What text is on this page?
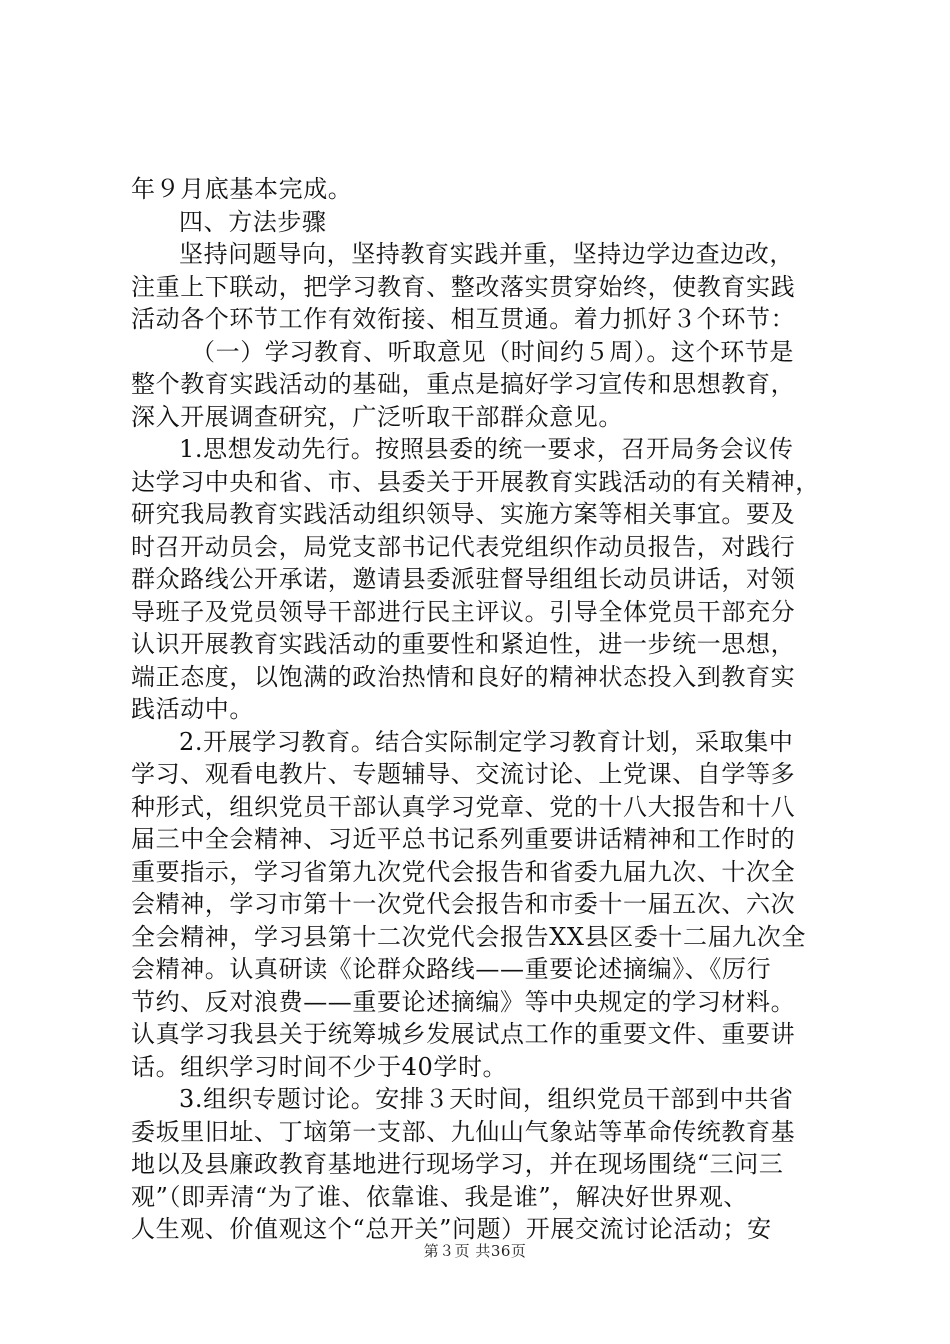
年９月底基本完成。
四、方法步骤
坚持问题导向，坚持教育实践并重，坚持边学边查边改，
注重上下联动，把学习教育、整改落实贯穿始终，使教育实践
活动各个环节工作有效衔接、相互贯通。着力抓好３个环节：
（一）学习教育、听取意见（时间约５周）。这个环节是
整个教育实践活动的基础，重点是搞好学习宣传和思想教育，
深入开展调查研究，广泛听取干部群众意见。
1.思想发动先行。按照县委的统一要求，召开局务会议传
达学习中央和省、市、县委关于开展教育实践活动的有关精神，
研究我局教育实践活动组织领导、实施方案等相关事宜。要及
时召开动员会，局党支部书记代表党组织作动员报告，对践行
群众路线公开承诺，邀请县委派驻督导组组长动员讲话，对领
导班子及党员领导干部进行民主评议。引导全体党员干部充分
认识开展教育实践活动的重要性和紧迫性，进一步统一思想，
端正态度，以饱满的政治热情和良好的精神状态投入到教育实
践活动中。
2.开展学习教育。结合实际制定学习教育计划，采取集中
学习、观看电教片、专题辅导、交流讨论、上党课、自学等多
种形式，组织党员干部认真学习党章、党的十八大报告和十八
届三中全会精神、习近平总书记系列重要讲话精神和工作时的
重要指示，学习省第九次党代会报告和省委九届九次、十次全
会精神，学习市第十一次党代会报告和市委十一届五次、六次
全会精神，学习县第十二次党代会报告XX县区委十二届九次全
会精神。认真研读《论群众路线——重要论述摘编》、《厉行
节约、反对浪费——重要论述摘编》等中央规定的学习材料。
认真学习我县关于统筹城乡发展试点工作的重要文件、重要讲
话。组织学习时间不少于40学时。
3.组织专题讨论。安排３天时间，组织党员干部到中共省
委坂里旧址、丁垴第一支部、九仙山气象站等革命传统教育基
地以及县廉政教育基地进行现场学习，并在现场围绕“三问三
观”（即弄清“为了谁、依靠谁、我是谁”，解决好世界观、
人生观、价值观这个“总开关”问题）开展交流讨论活动；安
第３页 共36页
